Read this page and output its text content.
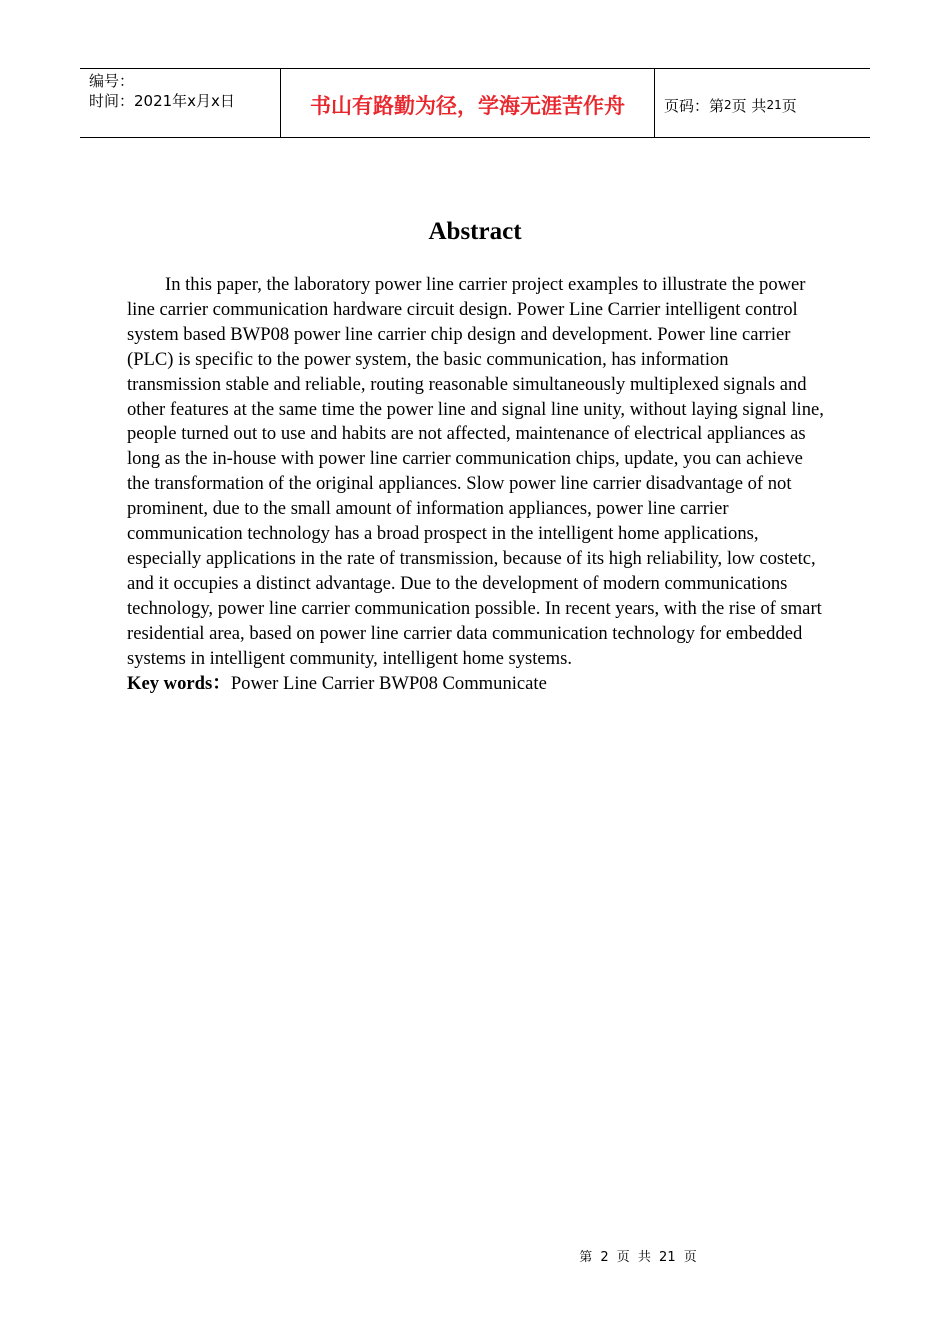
编号：
时间：2021年x月x日	书山有路勤为径，学海无涯苦作舟	页码：第 2 页 共 21 页
Abstract

In this paper, the laboratory power line carrier project examples to illustrate the power line carrier communication hardware circuit design. Power Line Carrier intelligent control system based BWP08 power line carrier chip design and development. Power line carrier (PLC) is specific to the power system, the basic communication, has information transmission stable and reliable, routing reasonable simultaneously multiplexed signals and other features at the same time the power line and signal line unity, without laying signal line, people turned out to use and habits are not affected, maintenance of electrical appliances as long as the in-house with power line carrier communication chips, update, you can achieve the transformation of the original appliances. Slow power line carrier disadvantage of not prominent, due to the small amount of information appliances, power line carrier communication technology has a broad prospect in the intelligent home applications, especially applications in the rate of transmission, because of its high reliability, low costetc, and it occupies a distinct advantage. Due to the development of modern communications technology, power line carrier communication possible. In recent years, with the rise of smart residential area, based on power line carrier data communication technology for embedded systems in intelligent community, intelligent home systems.

Key words：Power Line Carrier BWP08 Communicate

第 2 页 共 21 页
